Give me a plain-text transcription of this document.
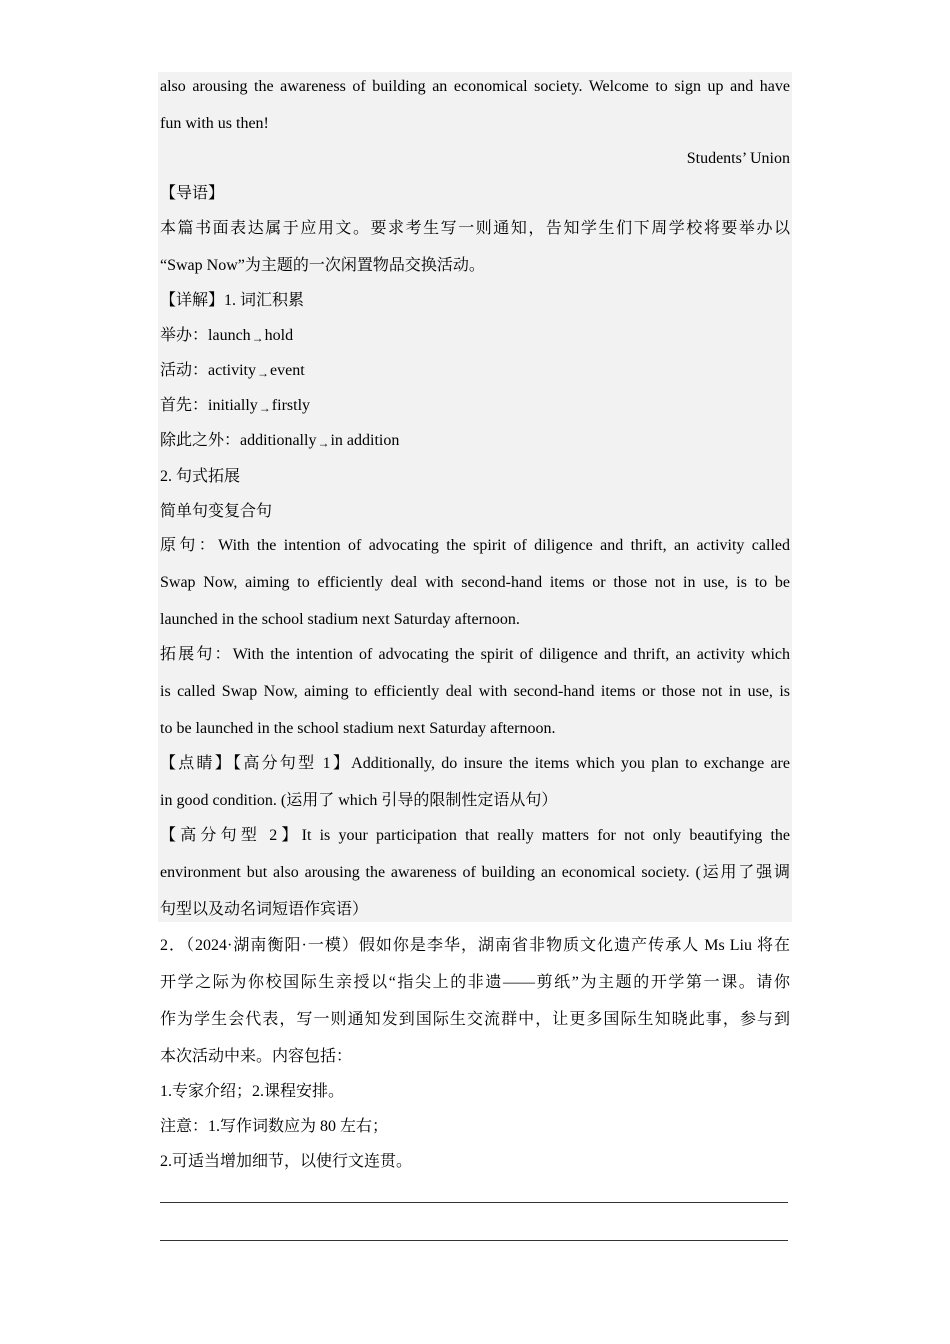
also arousing the awareness of building an economical society. Welcome to sign up and have
fun with us then!
Students’ Union
【导语】
本篇书面表达属于应用文。要求考生写一则通知，告知学生们下周学校将要举办以
“Swap Now”为主题的一次闲置物品交换活动。
【详解】1. 词汇积累
举办：launch→hold
活动：activity→event
首先：initially→firstly
除此之外：additionally→in addition
2. 句式拓展
简单句变复合句
原句：With the intention of advocating the spirit of diligence and thrift, an activity called
Swap Now, aiming to efficiently deal with second-hand items or those not in use, is to be
launched in the school stadium next Saturday afternoon.
拓展句：With the intention of advocating the spirit of diligence and thrift, an activity which
is called Swap Now, aiming to efficiently deal with second-hand items or those not in use, is
to be launched in the school stadium next Saturday afternoon.
【点睛】【高分句型 1】Additionally, do insure the items which you plan to exchange are
in good condition. (运用了 which 引导的限制性定语从句）
【高分句型 2】It is your participation that really matters for not only beautifying the
environment but also arousing the awareness of building an economical society. (运用了强调
句型以及动名词短语作宾语）
2．（2024·湖南衡阳·一模）假如你是李华，湖南省非物质文化遗产传承人 Ms Liu 将在
开学之际为你校国际生亲授以“指尖上的非遗——剪纸”为主题的开学第一课。请你
作为学生会代表，写一则通知发到国际生交流群中，让更多国际生知晓此事，参与到
本次活动中来。内容包括：
1.专家介绍；2.课程安排。
注意：1.写作词数应为 80 左右；
2.可适当增加细节，以使行文连贯。
